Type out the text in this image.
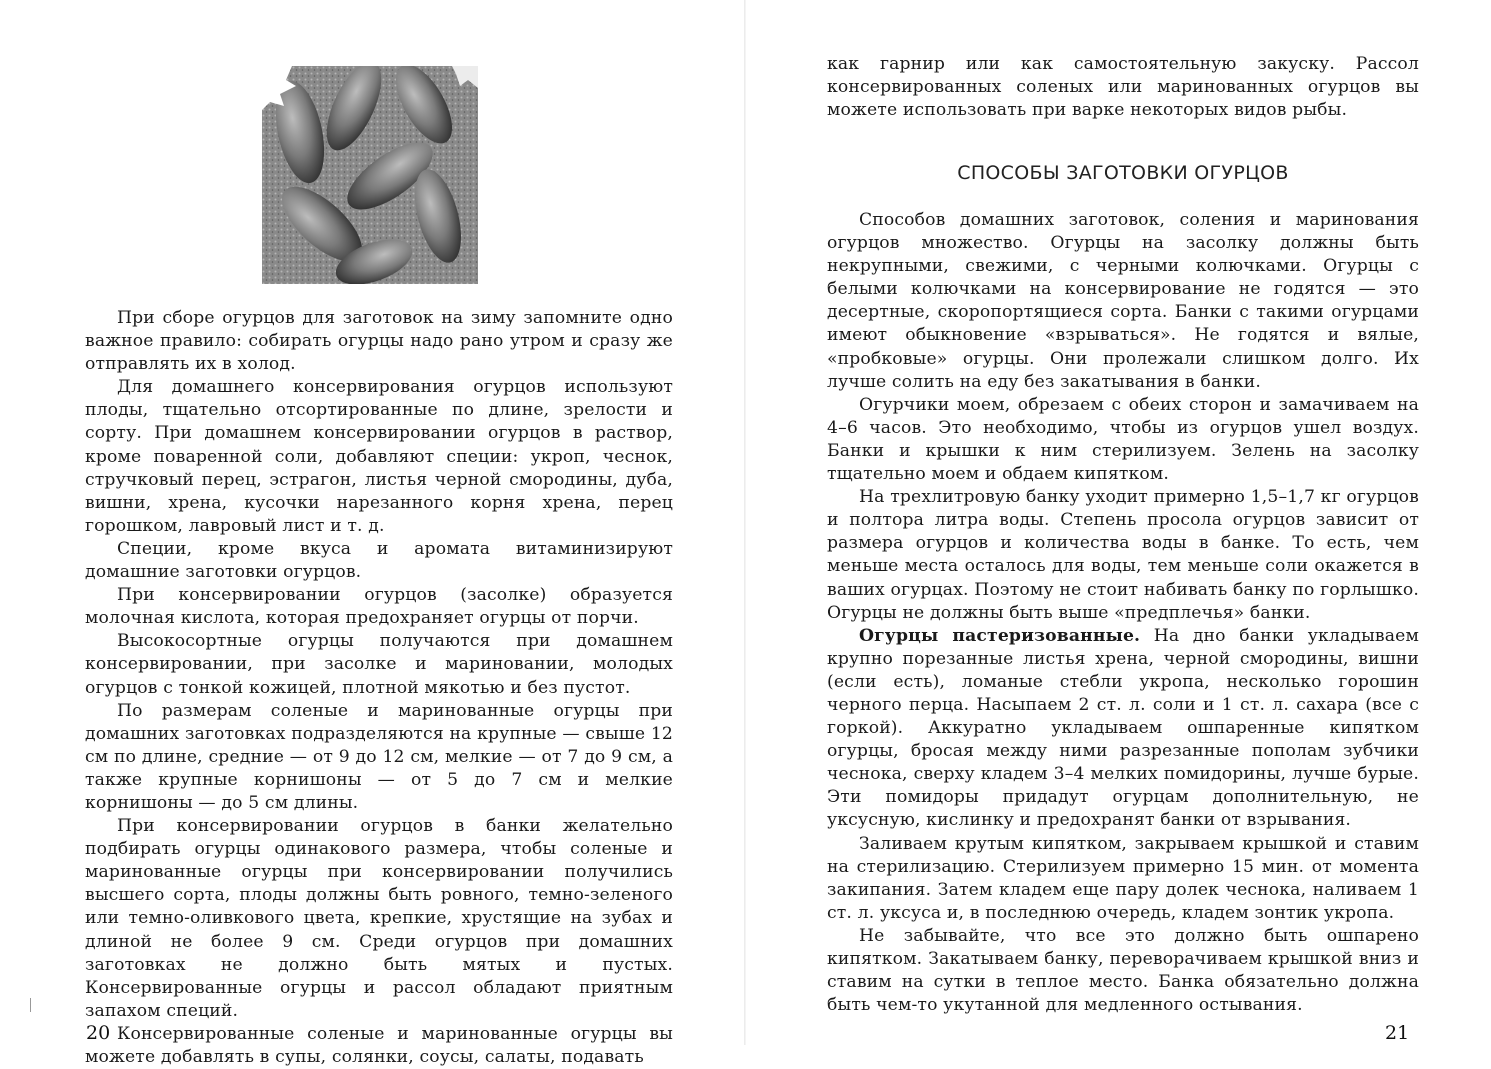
При сборе огурцов для заготовок на зиму запомните одно важное правило: собирать огурцы надо рано утром и сразу же отправлять их в холод.

Для домашнего консервирования огурцов используют плоды, тщательно отсортированные по длине, зрелости и сорту. При домашнем консервировании огурцов в раствор, кроме поваренной соли, добавляют специи: укроп, чеснок, стручковый перец, эстрагон, листья черной смородины, дуба, вишни, хрена, кусочки нарезанного корня хрена, перец горошком, лавровый лист и т. д.

Специи, кроме вкуса и аромата витаминизируют домашние заготовки огурцов.

При консервировании огурцов (засолке) образуется молочная кислота, которая предохраняет огурцы от порчи.

Высокосортные огурцы получаются при домашнем консервировании, при засолке и мариновании, молодых огурцов с тонкой кожицей, плотной мякотью и без пустот.

По размерам соленые и маринованные огурцы при домашних заготовках подразделяются на крупные — свыше 12 см по длине, средние — от 9 до 12 см, мелкие — от 7 до 9 см, а также крупные корнишоны — от 5 до 7 см и мелкие корнишоны — до 5 см длины.

При консервировании огурцов в банки желательно подбирать огурцы одинакового размера, чтобы соленые и маринованные огурцы при консервировании получились высшего сорта, плоды должны быть ровного, темно-зеленого или темно-оливкового цвета, крепкие, хрустящие на зубах и длиной не более 9 см. Среди огурцов при домашних заготовках не должно быть мятых и пустых. Консервированные огурцы и рассол обладают приятным запахом специй.

Консервированные соленые и маринованные огурцы вы можете добавлять в супы, солянки, соусы, салаты, подавать

20

как гарнир или как самостоятельную закуску. Рассол консервированных соленых или маринованных огурцов вы можете использовать при варке некоторых видов рыбы.

СПОСОБЫ ЗАГОТОВКИ ОГУРЦОВ

Способов домашних заготовок, соления и маринования огурцов множество. Огурцы на засолку должны быть некрупными, свежими, с черными колючками. Огурцы с белыми колючками на консервирование не годятся — это десертные, скоропортящиеся сорта. Банки с такими огурцами имеют обыкновение «взрываться». Не годятся и вялые, «пробковые» огурцы. Они пролежали слишком долго. Их лучше солить на еду без закатывания в банки.

Огурчики моем, обрезаем с обеих сторон и замачиваем на 4–6 часов. Это необходимо, чтобы из огурцов ушел воздух. Банки и крышки к ним стерилизуем. Зелень на засолку тщательно моем и обдаем кипятком.

На трехлитровую банку уходит примерно 1,5–1,7 кг огурцов и полтора литра воды. Степень просола огурцов зависит от размера огурцов и количества воды в банке. То есть, чем меньше места осталось для воды, тем меньше соли окажется в ваших огурцах. Поэтому не стоит набивать банку по горлышко. Огурцы не должны быть выше «предплечья» банки.

Огурцы пастеризованные. На дно банки укладываем крупно порезанные листья хрена, черной смородины, вишни (если есть), ломаные стебли укропа, несколько горошин черного перца. Насыпаем 2 ст. л. соли и 1 ст. л. сахара (все с горкой). Аккуратно укладываем ошпаренные кипятком огурцы, бросая между ними разрезанные пополам зубчики чеснока, сверху кладем 3–4 мелких помидорины, лучше бурые. Эти помидоры придадут огурцам дополнительную, не уксусную, кислинку и предохранят банки от взрывания.

Заливаем крутым кипятком, закрываем крышкой и ставим на стерилизацию. Стерилизуем примерно 15 мин. от момента закипания. Затем кладем еще пару долек чеснока, наливаем 1 ст. л. уксуса и, в последнюю очередь, кладем зонтик укропа.

Не забывайте, что все это должно быть ошпарено кипятком. Закатываем банку, переворачиваем крышкой вниз и ставим на сутки в теплое место. Банка обязательно должна быть чем-то укутанной для медленного остывания.

21
